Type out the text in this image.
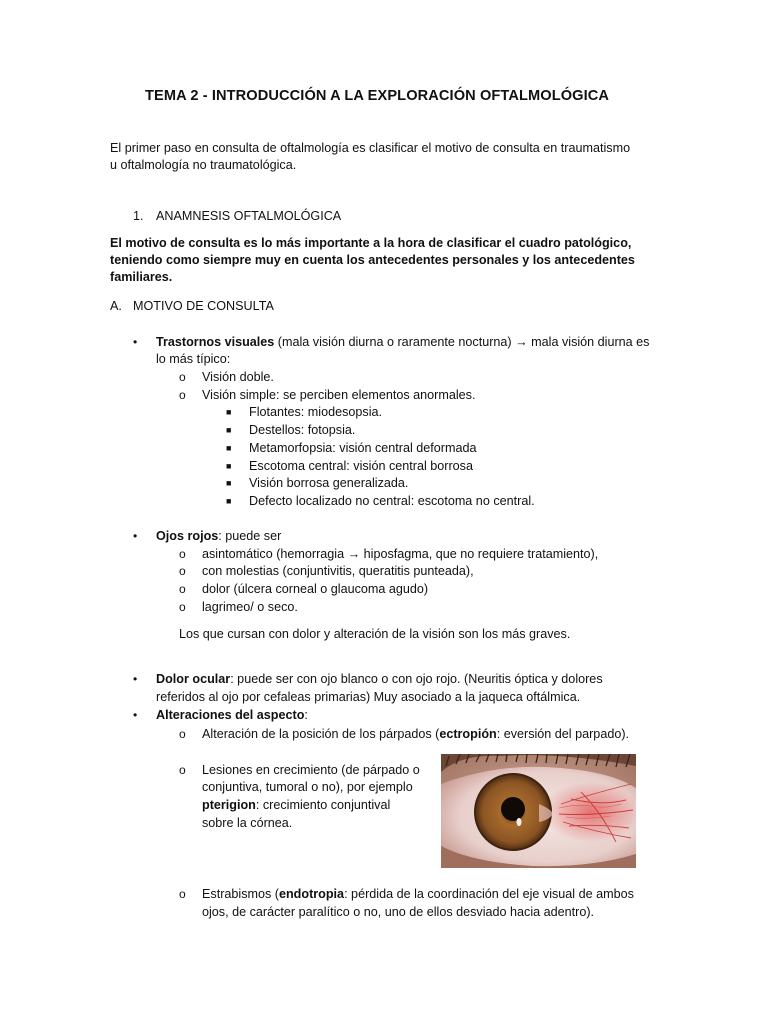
TEMA 2 - INTRODUCCIÓN A LA EXPLORACIÓN OFTALMOLÓGICA
El primer paso en consulta de oftalmología es clasificar el motivo de consulta en traumatismo
u oftalmología no traumatológica.
1. ANAMNESIS OFTALMOLÓGICA
El motivo de consulta es lo más importante a la hora de clasificar el cuadro patológico,
teniendo como siempre muy en cuenta los antecedentes personales y los antecedentes
familiares.
A. MOTIVO DE CONSULTA
• Trastornos visuales (mala visión diurna o raramente nocturna) → mala visión diurna es
lo más típico:
o Visión doble.
o Visión simple: se perciben elementos anormales.
■ Flotantes: miodesopsia.
■ Destellos: fotopsia.
■ Metamorfopsia: visión central deformada
■ Escotoma central: visión central borrosa
■ Visión borrosa generalizada.
■ Defecto localizado no central: escotoma no central.
• Ojos rojos: puede ser
o asintomático (hemorragia → hiposfagma, que no requiere tratamiento),
o con molestias (conjuntivitis, queratitis punteada),
o dolor (úlcera corneal o glaucoma agudo)
o lagrimeo/ o seco.
Los que cursan con dolor y alteración de la visión son los más graves.
• Dolor ocular: puede ser con ojo blanco o con ojo rojo. (Neuritis óptica y dolores
referidos al ojo por cefaleas primarias) Muy asociado a la jaqueca oftálmica.
• Alteraciones del aspecto:
o Alteración de la posición de los párpados (ectropión: eversión del parpado).
o Lesiones en crecimiento (de párpado o
conjuntiva, tumoral o no), por ejemplo
pterigion: crecimiento conjuntival
sobre la córnea.
o Estrabismos (endotropia: pérdida de la coordinación del eje visual de ambos
ojos, de carácter paralítico o no, uno de ellos desviado hacia adentro).
